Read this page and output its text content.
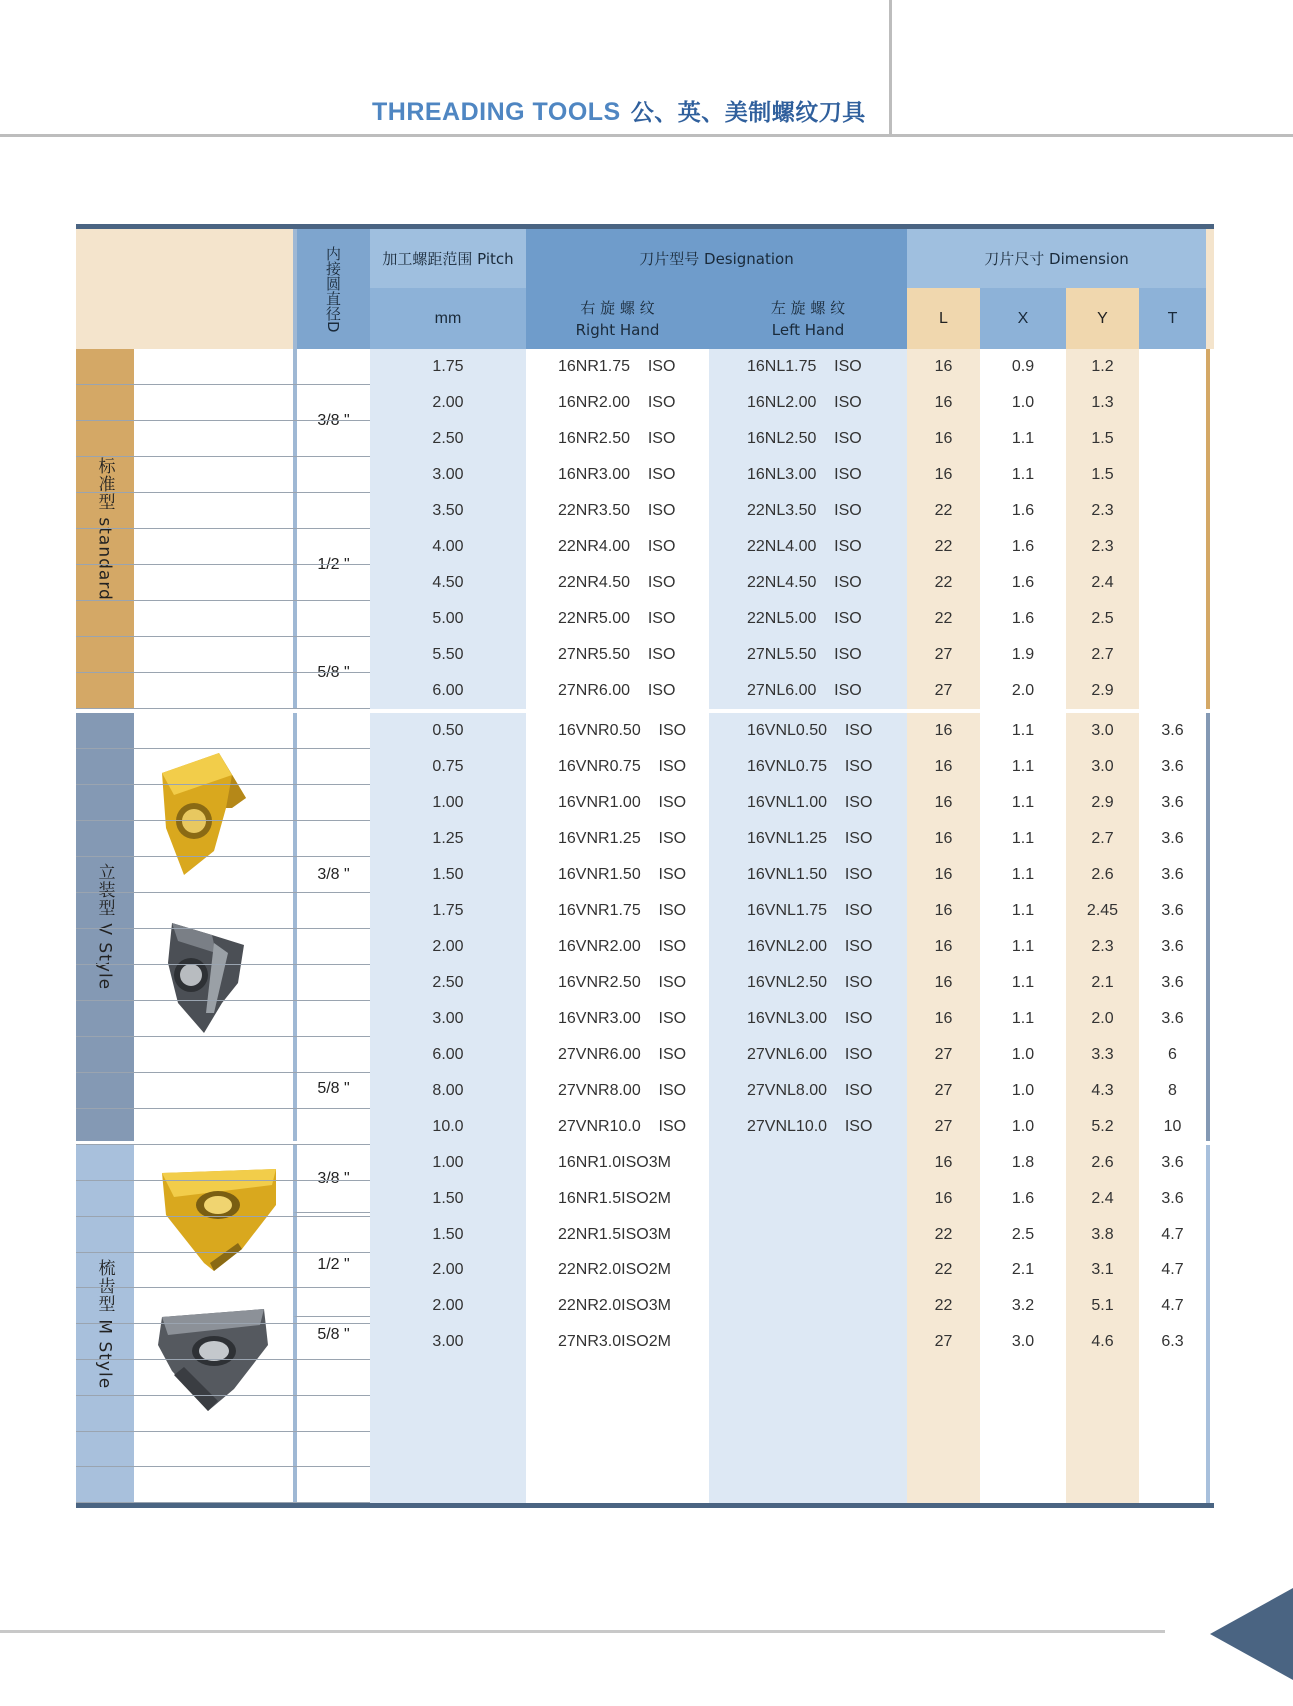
THREADING TOOLS 公、英、美制螺纹刀具
内接圆直径D	加工螺距范围 Pitch
mm
刀片型号 Designation
右 旋 螺 纹
Right Hand
左 旋 螺 纹
Left Hand
刀片尺寸 Dimension
L	X	Y	T
标准型 standard
立装型 V Style
梳齿型 M Style
3/8 "
1/2 "
5/8 "
3/8 "
5/8 "
3/8 "
1/2 "
5/8 "
1.75	16NR1.75    ISO	16NL1.75    ISO	16	0.9	1.2
2.00	16NR2.00    ISO	16NL2.00    ISO	16	1.0	1.3
2.50	16NR2.50    ISO	16NL2.50    ISO	16	1.1	1.5
3.00	16NR3.00    ISO	16NL3.00    ISO	16	1.1	1.5
3.50	22NR3.50    ISO	22NL3.50    ISO	22	1.6	2.3
4.00	22NR4.00    ISO	22NL4.00    ISO	22	1.6	2.3
4.50	22NR4.50    ISO	22NL4.50    ISO	22	1.6	2.4
5.00	22NR5.00    ISO	22NL5.00    ISO	22	1.6	2.5
5.50	27NR5.50    ISO	27NL5.50    ISO	27	1.9	2.7
6.00	27NR6.00    ISO	27NL6.00    ISO	27	2.0	2.9
0.50	16VNR0.50    ISO	16VNL0.50    ISO	16	1.1	3.0	3.6
0.75	16VNR0.75    ISO	16VNL0.75    ISO	16	1.1	3.0	3.6
1.00	16VNR1.00    ISO	16VNL1.00    ISO	16	1.1	2.9	3.6
1.25	16VNR1.25    ISO	16VNL1.25    ISO	16	1.1	2.7	3.6
1.50	16VNR1.50    ISO	16VNL1.50    ISO	16	1.1	2.6	3.6
1.75	16VNR1.75    ISO	16VNL1.75    ISO	16	1.1	2.45	3.6
2.00	16VNR2.00    ISO	16VNL2.00    ISO	16	1.1	2.3	3.6
2.50	16VNR2.50    ISO	16VNL2.50    ISO	16	1.1	2.1	3.6
3.00	16VNR3.00    ISO	16VNL3.00    ISO	16	1.1	2.0	3.6
6.00	27VNR6.00    ISO	27VNL6.00    ISO	27	1.0	3.3	6
8.00	27VNR8.00    ISO	27VNL8.00    ISO	27	1.0	4.3	8
10.0	27VNR10.0    ISO	27VNL10.0    ISO	27	1.0	5.2	10
1.00	16NR1.0ISO3M	16	1.8	2.6	3.6
1.50	16NR1.5ISO2M	16	1.6	2.4	3.6
1.50	22NR1.5ISO3M	22	2.5	3.8	4.7
2.00	22NR2.0ISO2M	22	2.1	3.1	4.7
2.00	22NR2.0ISO3M	22	3.2	5.1	4.7
3.00	27NR3.0ISO2M	27	3.0	4.6	6.3
